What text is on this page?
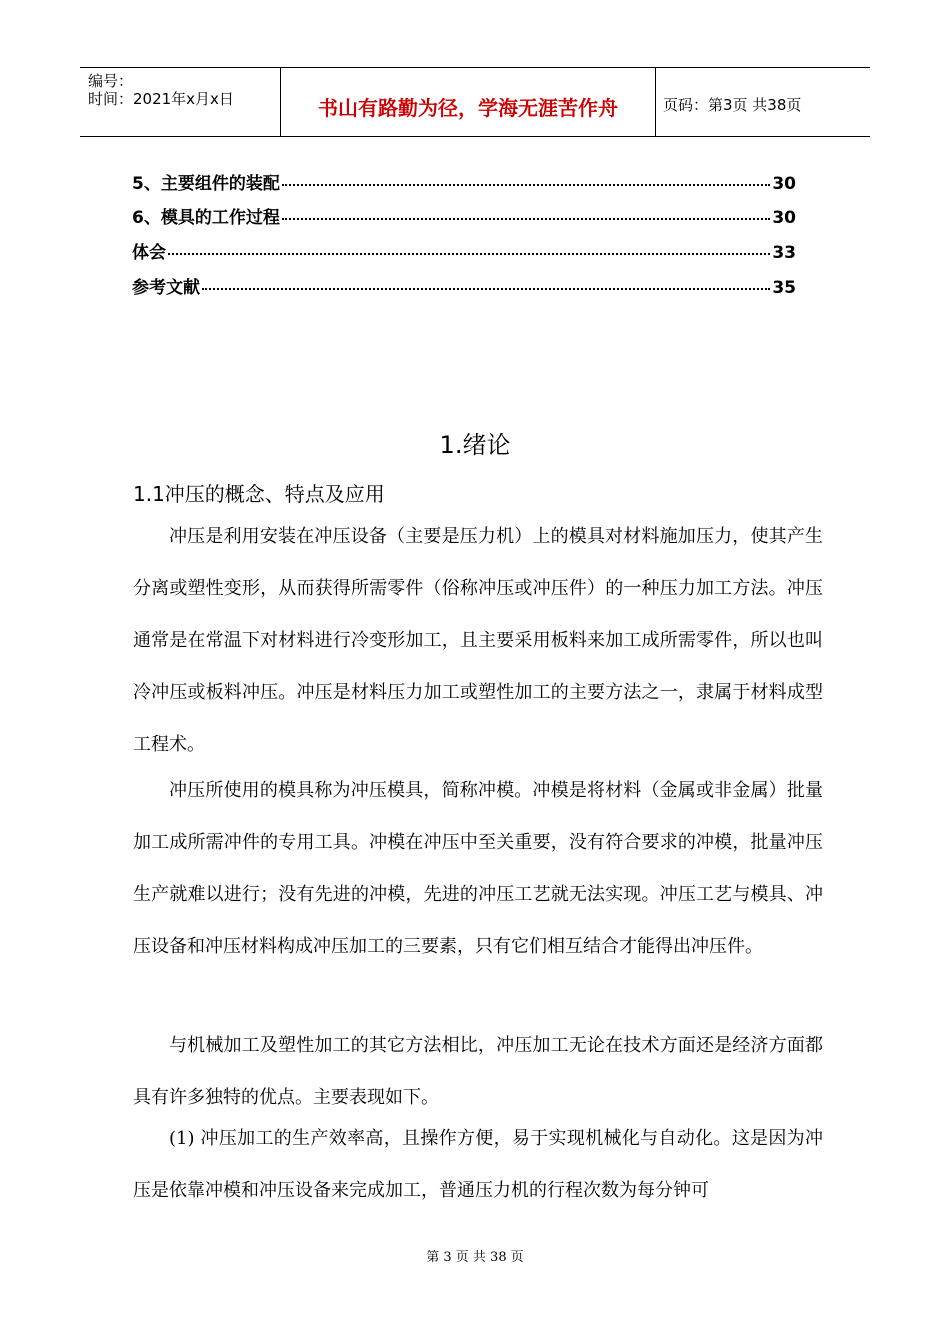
编号：
时间：2021年x月x日	书山有路勤为径，学海无涯苦作舟	页码：第3页 共38页
5、主要组件的装配	30
6、模具的工作过程	30
体会	33
参考文献	35
1.绪论
1.1冲压的概念、特点及应用

冲压是利用安装在冲压设备（主要是压力机）上的模具对材料施加压力，使其产生分离或塑性变形，从而获得所需零件（俗称冲压或冲压件）的一种压力加工方法。冲压通常是在常温下对材料进行冷变形加工，且主要采用板料来加工成所需零件，所以也叫冷冲压或板料冲压。冲压是材料压力加工或塑性加工的主要方法之一，隶属于材料成型工程术。

冲压所使用的模具称为冲压模具，简称冲模。冲模是将材料（金属或非金属）批量加工成所需冲件的专用工具。冲模在冲压中至关重要，没有符合要求的冲模，批量冲压生产就难以进行；没有先进的冲模，先进的冲压工艺就无法实现。冲压工艺与模具、冲压设备和冲压材料构成冲压加工的三要素，只有它们相互结合才能得出冲压件。

与机械加工及塑性加工的其它方法相比，冲压加工无论在技术方面还是经济方面都具有许多独特的优点。主要表现如下。

(1) 冲压加工的生产效率高，且操作方便，易于实现机械化与自动化。这是因为冲压是依靠冲模和冲压设备来完成加工，普通压力机的行程次数为每分钟可

第 3 页 共 38 页
